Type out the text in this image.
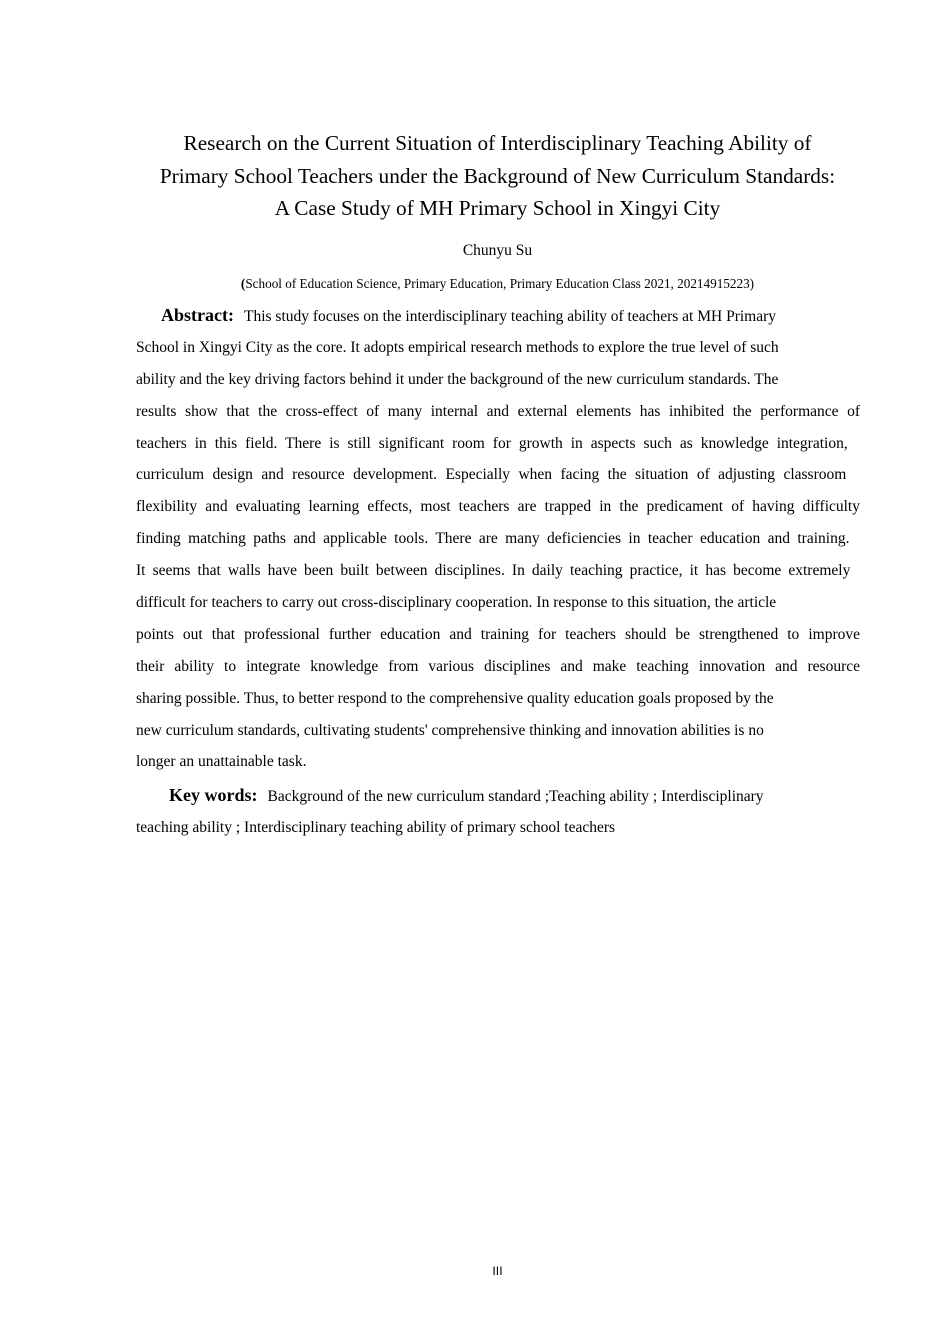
Research on the Current Situation of Interdisciplinary Teaching Ability of
Primary School Teachers under the Background of New Curriculum Standards:
A Case Study of MH Primary School in Xingyi City
Chunyu Su
(School of Education Science, Primary Education, Primary Education Class 2021, 20214915223)
Abstract: This study focuses on the interdisciplinary teaching ability of teachers at MH Primary
School in Xingyi City as the core. It adopts empirical research methods to explore the true level of such
ability and the key driving factors behind it under the background of the new curriculum standards. The
results show that the cross-effect of many internal and external elements has inhibited the performance of
teachers in this field. There is still significant room for growth in aspects such as knowledge integration,
curriculum design and resource development. Especially when facing the situation of adjusting classroom
flexibility and evaluating learning effects, most teachers are trapped in the predicament of having difficulty
finding matching paths and applicable tools. There are many deficiencies in teacher education and training.
It seems that walls have been built between disciplines. In daily teaching practice, it has become extremely
difficult for teachers to carry out cross-disciplinary cooperation. In response to this situation, the article
points out that professional further education and training for teachers should be strengthened to improve
their ability to integrate knowledge from various disciplines and make teaching innovation and resource
sharing possible. Thus, to better respond to the comprehensive quality education goals proposed by the
new curriculum standards, cultivating students' comprehensive thinking and innovation abilities is no
longer an unattainable task.
Key words: Background of the new curriculum standard ;Teaching ability ; Interdisciplinary
teaching ability ; Interdisciplinary teaching ability of primary school teachers
III
